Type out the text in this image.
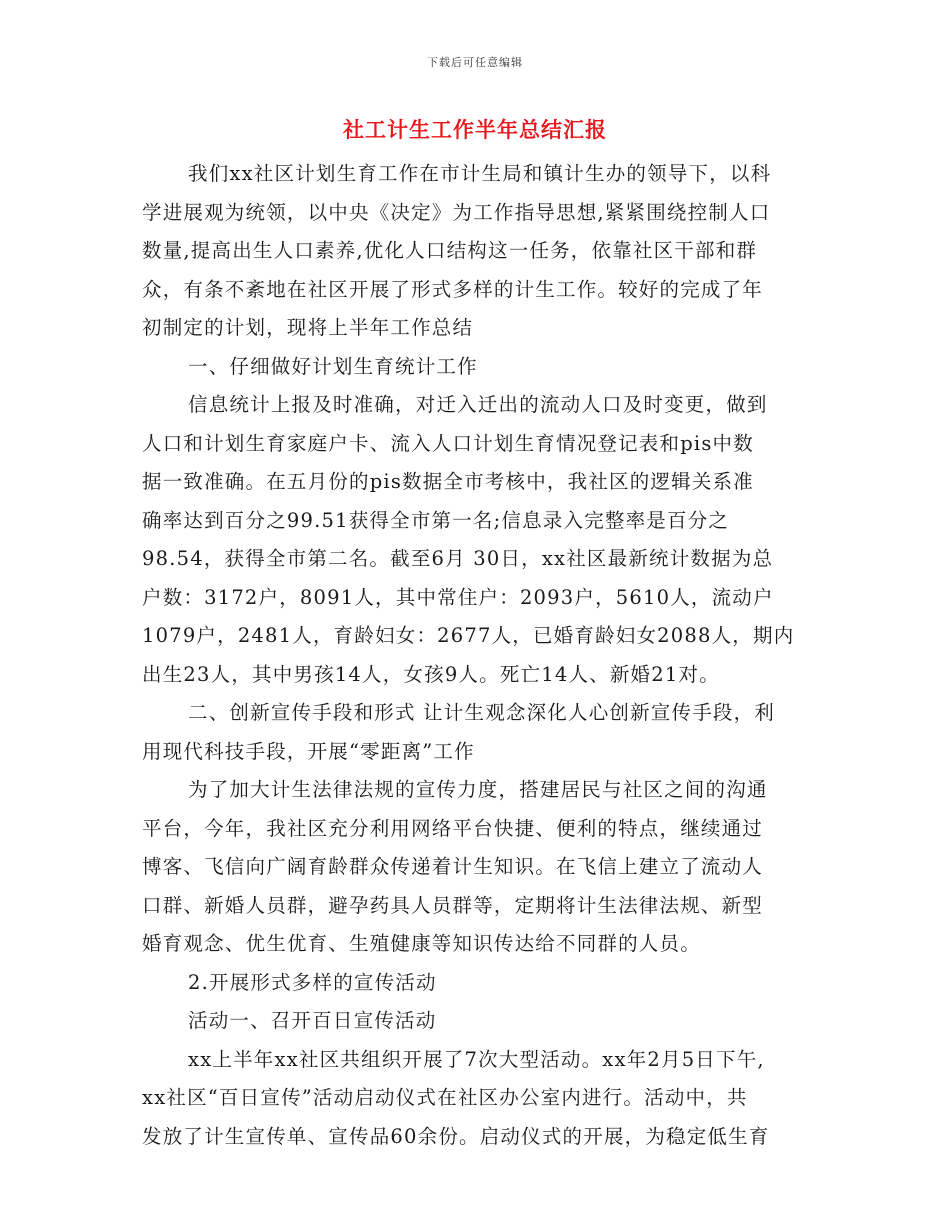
下载后可任意编辑
社工计生工作半年总结汇报
我们xx社区计划生育工作在市计生局和镇计生办的领导下，以科
学进展观为统领，以中央《决定》为工作指导思想,紧紧围绕控制人口
数量,提高出生人口素养,优化人口结构这一任务，依靠社区干部和群
众，有条不紊地在社区开展了形式多样的计生工作。较好的完成了年
初制定的计划，现将上半年工作总结
一、仔细做好计划生育统计工作
信息统计上报及时准确，对迁入迁出的流动人口及时变更，做到
人口和计划生育家庭户卡、流入人口计划生育情况登记表和pis中数
据一致准确。在五月份的pis数据全市考核中，我社区的逻辑关系准
确率达到百分之99.51获得全市第一名;信息录入完整率是百分之
98.54，获得全市第二名。截至6月 30日，xx社区最新统计数据为总
户数：3172户，8091人，其中常住户：2093户，5610人，流动户
1079户，2481人，育龄妇女：2677人，已婚育龄妇女2088人，期内
出生23人，其中男孩14人，女孩9人。死亡14人、新婚21对。
二、创新宣传手段和形式 让计生观念深化人心创新宣传手段，利
用现代科技手段，开展“零距离”工作
为了加大计生法律法规的宣传力度，搭建居民与社区之间的沟通
平台，今年，我社区充分利用网络平台快捷、便利的特点，继续通过
博客、飞信向广阔育龄群众传递着计生知识。在飞信上建立了流动人
口群、新婚人员群，避孕药具人员群等，定期将计生法律法规、新型
婚育观念、优生优育、生殖健康等知识传达给不同群的人员。
2.开展形式多样的宣传活动
活动一、召开百日宣传活动
xx上半年xx社区共组织开展了7次大型活动。xx年2月5日下午,
xx社区“百日宣传”活动启动仪式在社区办公室内进行。活动中，共
发放了计生宣传单、宣传品60余份。启动仪式的开展，为稳定低生育
